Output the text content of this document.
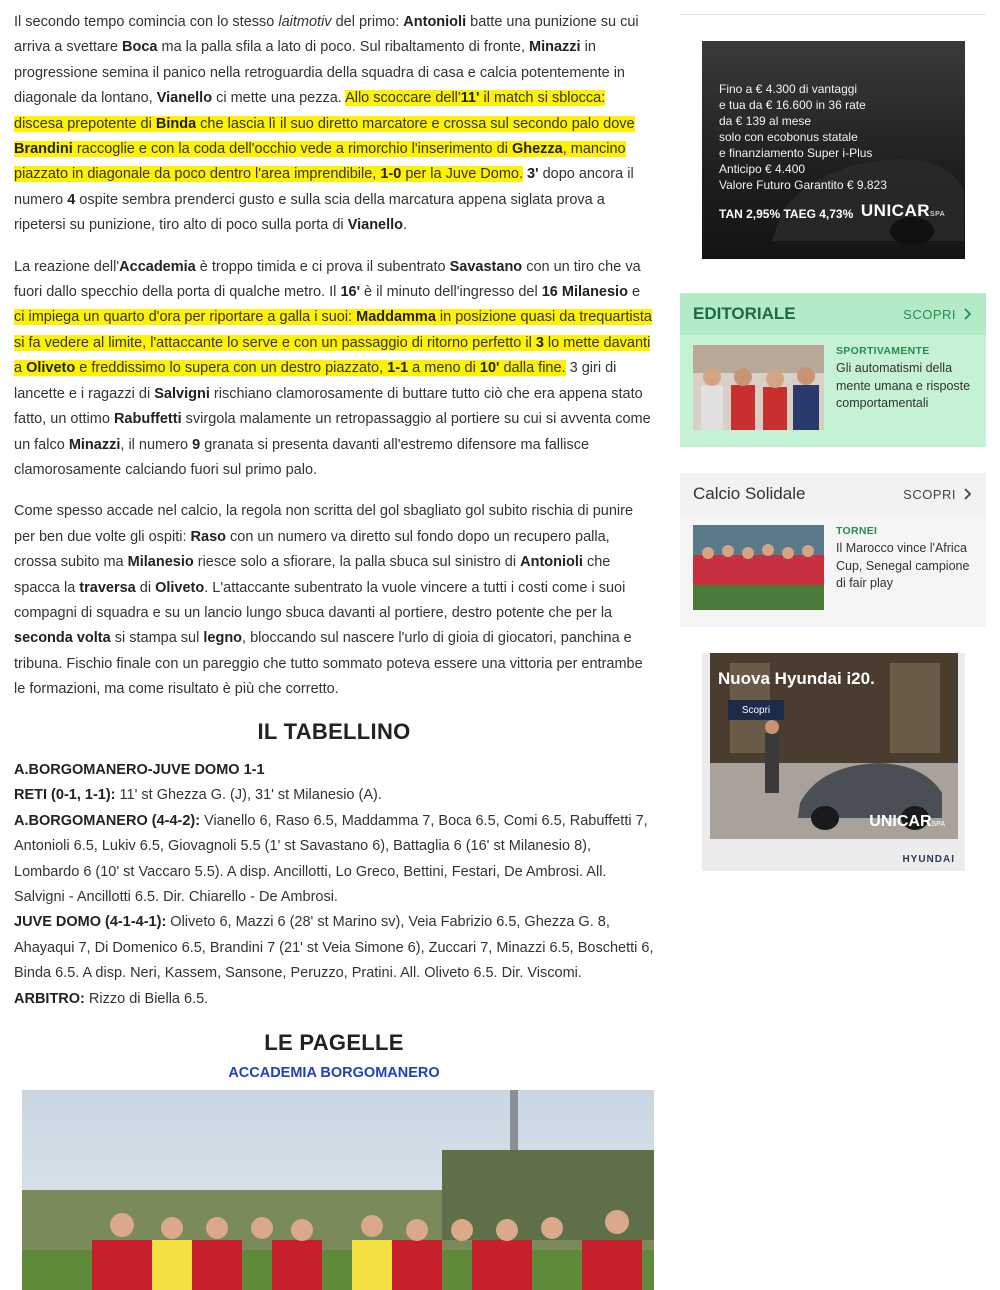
Il secondo tempo comincia con lo stesso laitmotiv del primo: Antonioli batte una punizione su cui arriva a svettare Boca ma la palla sfila a lato di poco. Sul ribaltamento di fronte, Minazzi in progressione semina il panico nella retroguardia della squadra di casa e calcia potentemente in diagonale da lontano, Vianello ci mette una pezza. Allo scoccare dell'11' il match si sblocca: discesa prepotente di Binda che lascia lì il suo diretto marcatore e crossa sul secondo palo dove Brandini raccoglie e con la coda dell'occhio vede a rimorchio l'inserimento di Ghezza, mancino piazzato in diagonale da poco dentro l'area imprendibile, 1-0 per la Juve Domo. 3' dopo ancora il numero 4 ospite sembra prenderci gusto e sulla scia della marcatura appena siglata prova a ripetersi su punizione, tiro alto di poco sulla porta di Vianello.

La reazione dell'Accademia è troppo timida e ci prova il subentrato Savastano con un tiro che va fuori dallo specchio della porta di qualche metro. Il 16' è il minuto dell'ingresso del 16 Milanesio e ci impiega un quarto d'ora per riportare a galla i suoi: Maddamma in posizione quasi da trequartista si fa vedere al limite, l'attaccante lo serve e con un passaggio di ritorno perfetto il 3 lo mette davanti a Oliveto e freddissimo lo supera con un destro piazzato, 1-1 a meno di 10' dalla fine. 3 giri di lancette e i ragazzi di Salvigni rischiano clamorosamente di buttare tutto ciò che era appena stato fatto, un ottimo Rabuffetti svirgola malamente un retropassaggio al portiere su cui si avventa come un falco Minazzi, il numero 9 granata si presenta davanti all'estremo difensore ma fallisce clamorosamente calciando fuori sul primo palo.

Come spesso accade nel calcio, la regola non scritta del gol sbagliato gol subito rischia di punire per ben due volte gli ospiti: Raso con un numero va diretto sul fondo dopo un recupero palla, crossa subito ma Milanesio riesce solo a sfiorare, la palla sbuca sul sinistro di Antonioli che spacca la traversa di Oliveto. L'attaccante subentrato la vuole vincere a tutti i costi come i suoi compagni di squadra e su un lancio lungo sbuca davanti al portiere, destro potente che per la seconda volta si stampa sul legno, bloccando sul nascere l'urlo di gioia di giocatori, panchina e tribuna. Fischio finale con un pareggio che tutto sommato poteva essere una vittoria per entrambe le formazioni, ma come risultato è più che corretto.

IL TABELLINO
A.BORGOMANERO-JUVE DOMO 1-1
RETI (0-1, 1-1): 11' st Ghezza G. (J), 31' st Milanesio (A).
A.BORGOMANERO (4-4-2): Vianello 6, Raso 6.5, Maddamma 7, Boca 6.5, Comi 6.5, Rabuffetti 7, Antonioli 6.5, Lukiv 6.5, Giovagnoli 5.5 (1' st Savastano 6), Battaglia 6 (16' st Milanesio 8), Lombardo 6 (10' st Vaccaro 5.5). A disp. Ancillotti, Lo Greco, Bettini, Festari, De Ambrosi. All. Salvigni - Ancillotti 6.5. Dir. Chiarello - De Ambrosi.
JUVE DOMO (4-1-4-1): Oliveto 6, Mazzi 6 (28' st Marino sv), Veia Fabrizio 6.5, Ghezza G. 8, Ahayaqui 7, Di Domenico 6.5, Brandini 7 (21' st Veia Simone 6), Zuccari 7, Minazzi 6.5, Boschetti 6, Binda 6.5. A disp. Neri, Kassem, Sansone, Peruzzo, Pratini. All. Oliveto 6.5. Dir. Viscomi.
ARBITRO: Rizzo di Biella 6.5.
LE PAGELLE
ACCADEMIA BORGOMANERO
Fino a € 4.300 di vantaggi
e tua da € 16.600 in 36 rate
da € 139 al mese
solo con ecobonus statale
e finanziamento Super i-Plus
Anticipo € 4.400
Valore Futuro Garantito € 9.823
TAN 2,95% TAEG 4,73% UNICARSPA
EDITORIALE	SCOPRI
SPORTIVAMENTE
Gli automatismi della mente umana e risposte comportamentali
Calcio Solidale	SCOPRI
TORNEI
Il Marocco vince l'Africa Cup, Senegal campione di fair play
Nuova Hyundai i20.
Scopri
UNICARSPA
HYUNDAI
